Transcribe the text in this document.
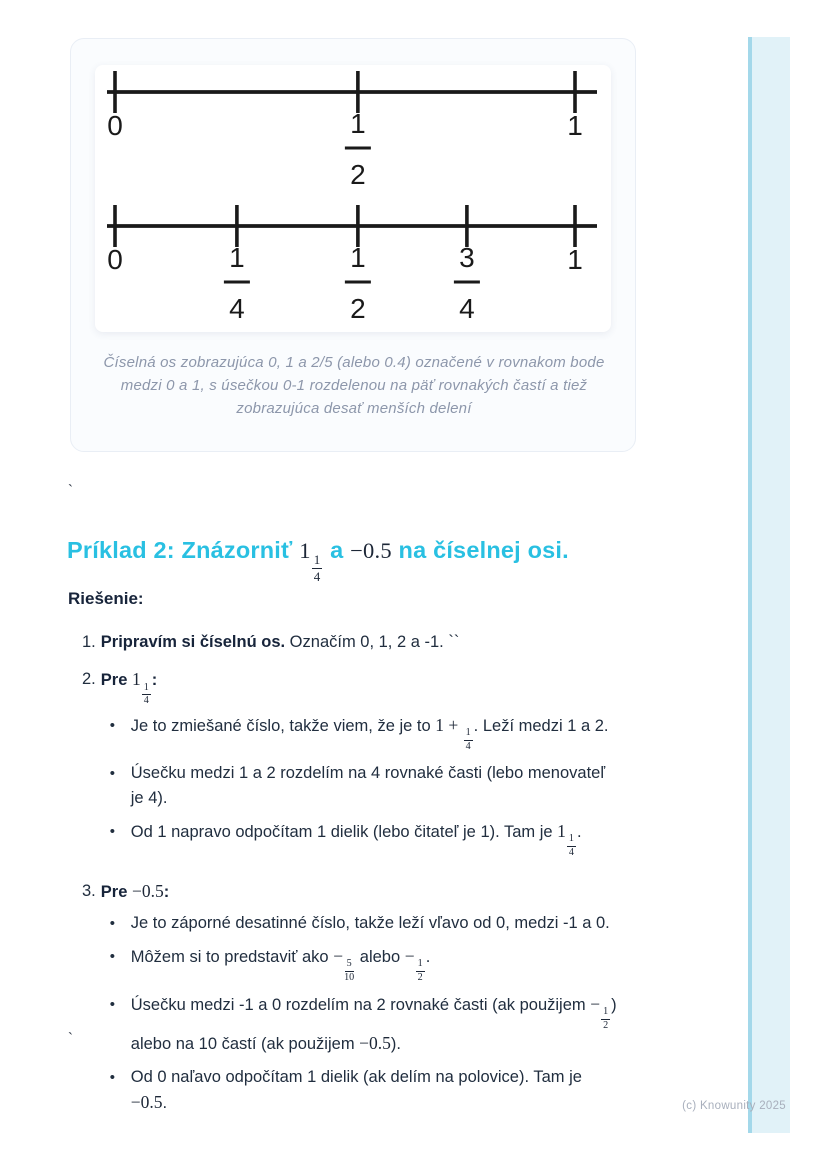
0	1
2
1
0	1
4
1
2
3
4
1
Číselná os zobrazujúca 0, 1 a 2/5 (alebo 0.4) označené v rovnakom bode medzi 0 a 1, s úsečkou 0-1 rozdelenou na päť rovnakých častí a tiež zobrazujúca desať menších delení
`
Príklad 2: Znázorniť 1
$\frac{1}{4}$
a −0.5 na číselnej osi.
Riešenie:
1. Pripravím si číselnú os. Označím 0, 1, 2 a -1. ``
2. Pre 1
$\frac{1}{4}$
:
• Je to zmiešané číslo, takže viem, že je to 1 +
$\frac{1}{4}$
. Leží medzi 1 a 2.
• Úsečku medzi 1 a 2 rozdelím na 4 rovnaké časti (lebo menovateľ
je 4).
• Od 1 napravo odpočítam 1 dielik (lebo čitateľ je 1). Tam je 1
$\frac{1}{4}$
.
3. Pre −0.5:
• Je to záporné desatinné číslo, takže leží vľavo od 0, medzi -1 a 0.
• Môžem si to predstaviť ako −
$\frac{5}{10}$
alebo −
$\frac{1}{2}$
.
• Úsečku medzi -1 a 0 rozdelím na 2 rovnaké časti (ak použijem −
$\frac{1}{2}$
)
alebo na 10 častí (ak použijem −0.5).
• Od 0 naľavo odpočítam 1 dielik (ak delím na polovice). Tam je
−0.5.
`
(c) Knowunity 2025
